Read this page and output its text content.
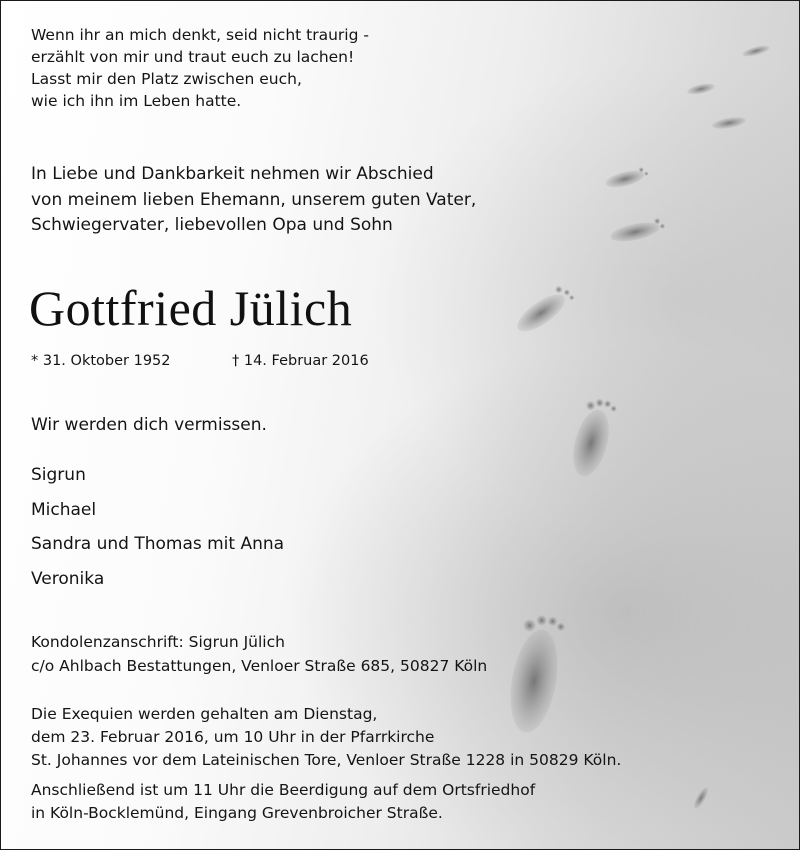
Wenn ihr an mich denkt, seid nicht traurig -
erzählt von mir und traut euch zu lachen!
Lasst mir den Platz zwischen euch,
wie ich ihn im Leben hatte.
In Liebe und Dankbarkeit nehmen wir Abschied
von meinem lieben Ehemann, unserem guten Vater,
Schwiegervater, liebevollen Opa und Sohn
Gottfried Jülich
* 31. Oktober 1952	† 14. Februar 2016

Wir werden dich vermissen.

Sigrun
Michael
Sandra und Thomas mit Anna
Veronika
Kondolenzanschrift: Sigrun Jülich
c/o Ahlbach Bestattungen, Venloer Straße 685, 50827 Köln
Die Exequien werden gehalten am Dienstag,
dem 23. Februar 2016, um 10 Uhr in der Pfarrkirche
St. Johannes vor dem Lateinischen Tore, Venloer Straße 1228 in 50829 Köln.
Anschließend ist um 11 Uhr die Beerdigung auf dem Ortsfriedhof
in Köln-Bocklemünd, Eingang Grevenbroicher Straße.
